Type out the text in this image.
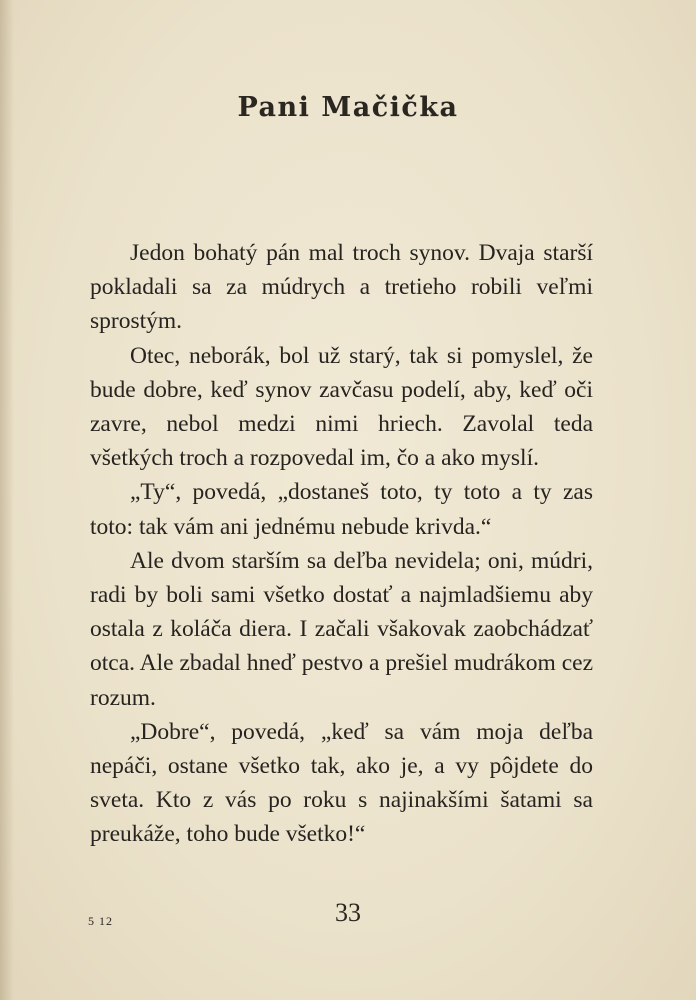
Pani Mačička

Jedon bohatý pán mal troch synov. Dvaja starší pokladali sa za múdrych a tretieho robili veľmi sprostým.

Otec, neborák, bol už starý, tak si pomyslel, že bude dobre, keď synov zavčasu podelí, aby, keď oči zavre, nebol medzi nimi hriech. Zavolal teda všetkých troch a rozpovedal im, čo a ako myslí.

„Ty“, povedá, „dostaneš toto, ty toto a ty zas toto: tak vám ani jednému nebude krivda.“

Ale dvom starším sa deľba nevidela; oni, múdri, radi by boli sami všetko dostať a najmladšiemu aby ostala z koláča diera. I začali všakovak zaobchádzať otca. Ale zbadal hneď pestvo a prešiel mudrákom cez rozum.

„Dobre“, povedá, „keď sa vám moja deľba nepáči, ostane všetko tak, ako je, a vy pôjdete do sveta. Kto z vás po roku s najinakšími šatami sa preukáže, toho bude všetko!“

5 12	33
